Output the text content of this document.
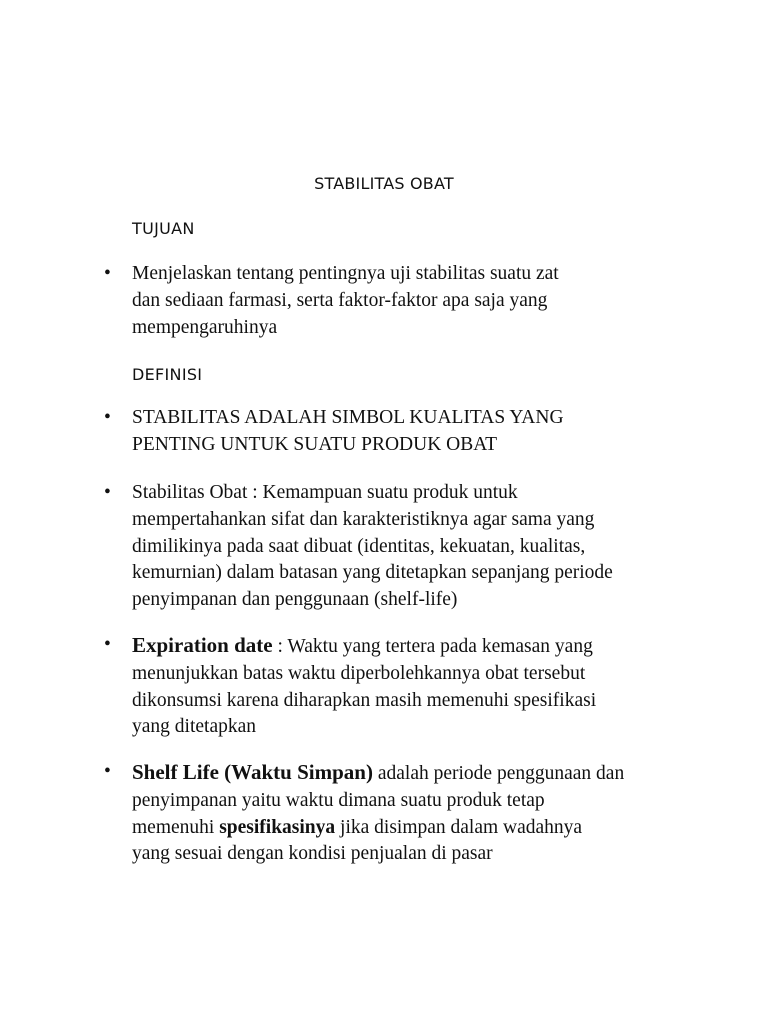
STABILITAS OBAT
TUJUAN
•	Menjelaskan tentang pentingnya uji stabilitas suatu zat
dan sediaan farmasi, serta faktor-faktor apa saja yang
mempengaruhinya
DEFINISI
•	STABILITAS ADALAH SIMBOL KUALITAS YANG
PENTING UNTUK SUATU PRODUK OBAT
•	Stabilitas Obat : Kemampuan suatu produk untuk
mempertahankan sifat dan karakteristiknya agar sama yang
dimilikinya pada saat dibuat (identitas, kekuatan, kualitas,
kemurnian) dalam batasan yang ditetapkan sepanjang periode
penyimpanan dan penggunaan (shelf-life)
•	Expiration date : Waktu yang tertera pada kemasan yang
menunjukkan batas waktu diperbolehkannya obat tersebut
dikonsumsi karena diharapkan masih memenuhi spesifikasi
yang ditetapkan
•	Shelf Life (Waktu Simpan) adalah periode penggunaan dan
penyimpanan yaitu waktu dimana suatu produk tetap
memenuhi spesifikasinya jika disimpan dalam wadahnya
yang sesuai dengan kondisi penjualan di pasar
